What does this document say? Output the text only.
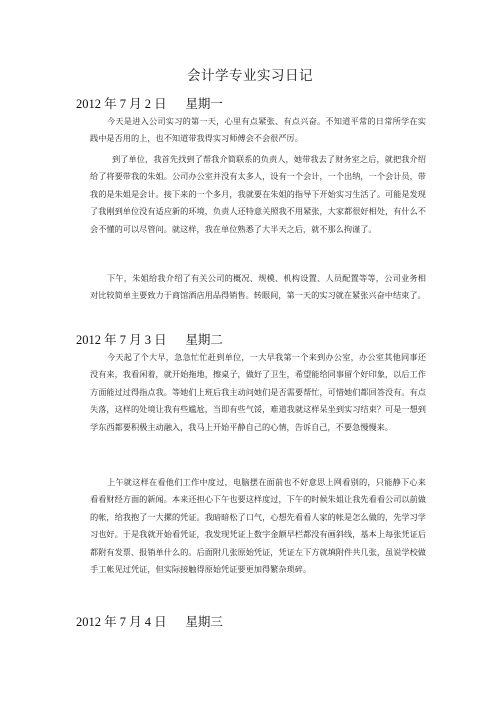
会计学专业实习日记
2012 年 7 月 2 日      星期一

今天是进入公司实习的第一天，心里有点紧张、有点兴奋。不知道平常的日常所学在实践中是否用的上，也不知道带我得实习师傅会不会很严厉。

到了单位，我首先找到了帮我介简联系的负责人，她带我去了财务室之后，就把我介绍给了将要带我的朱姐。公司办公室并没有太多人，设有一个会计，一个出纳，一个会计员，带我的是朱姐是会计。接下来的一个多月，我就要在朱姐的指导下开始实习生活了。可能是发现了我刚到单位没有适应新的环境，负责人还特意关照我不用紧张，大家都很好相处，有什么不会不懂的可以尽管问。就这样，我在单位熟悉了大半天之后，就不那么拘谨了。

下午，朱姐给我介绍了有关公司的概况、规模、机构设置、人员配置等等，公司业务相对比较简单主要致力于商馆酒店用品得销售。转眼间，第一天的实习就在紧张兴奋中结束了。

2012 年 7 月 3 日      星期二

今天起了个大早，急急忙忙赶到单位，一大早我第一个来到办公室，办公室其他同事还没有来，我看闲着，就开始拖地，擦桌子，做好了卫生，希望能给同事留个好印象，以后工作方面能过过得指点我。等她们上班后我主动问她们是否需要帮忙，可惜她们都回答没有。有点失落，这样的处境让我有些尴尬，当即有些气馁，难道我就这样呆坐到实习结束？可是一想到学东西都要积极主动融入，我马上开始平静自己的心情，告诉自己，不要急慢慢来。

上午就这样在看他们工作中度过，电脑摆在面前也不好意思上网看别的，只能静下心来看看财经方面的新闻。本来还担心下午也要这样度过，下午的时候朱姐让我先看看公司以前做的帐，给我抱了一大摞的凭证。我暗暗松了口气，心想先看看人家的帐是怎么做的，先学习学习也好。于是我就开始看凭证，我发现凭证上数字金额早栏都没有画斜线，基本上每张凭证后都附有发票、报销单什么的。后面附几张原始凭证，凭证左下方就填附件共几张，虽说学校做手工帐见过凭证，但实际接触得原始凭证要更加得繁杂琐碎。

2012 年 7 月 4 日      星期三
